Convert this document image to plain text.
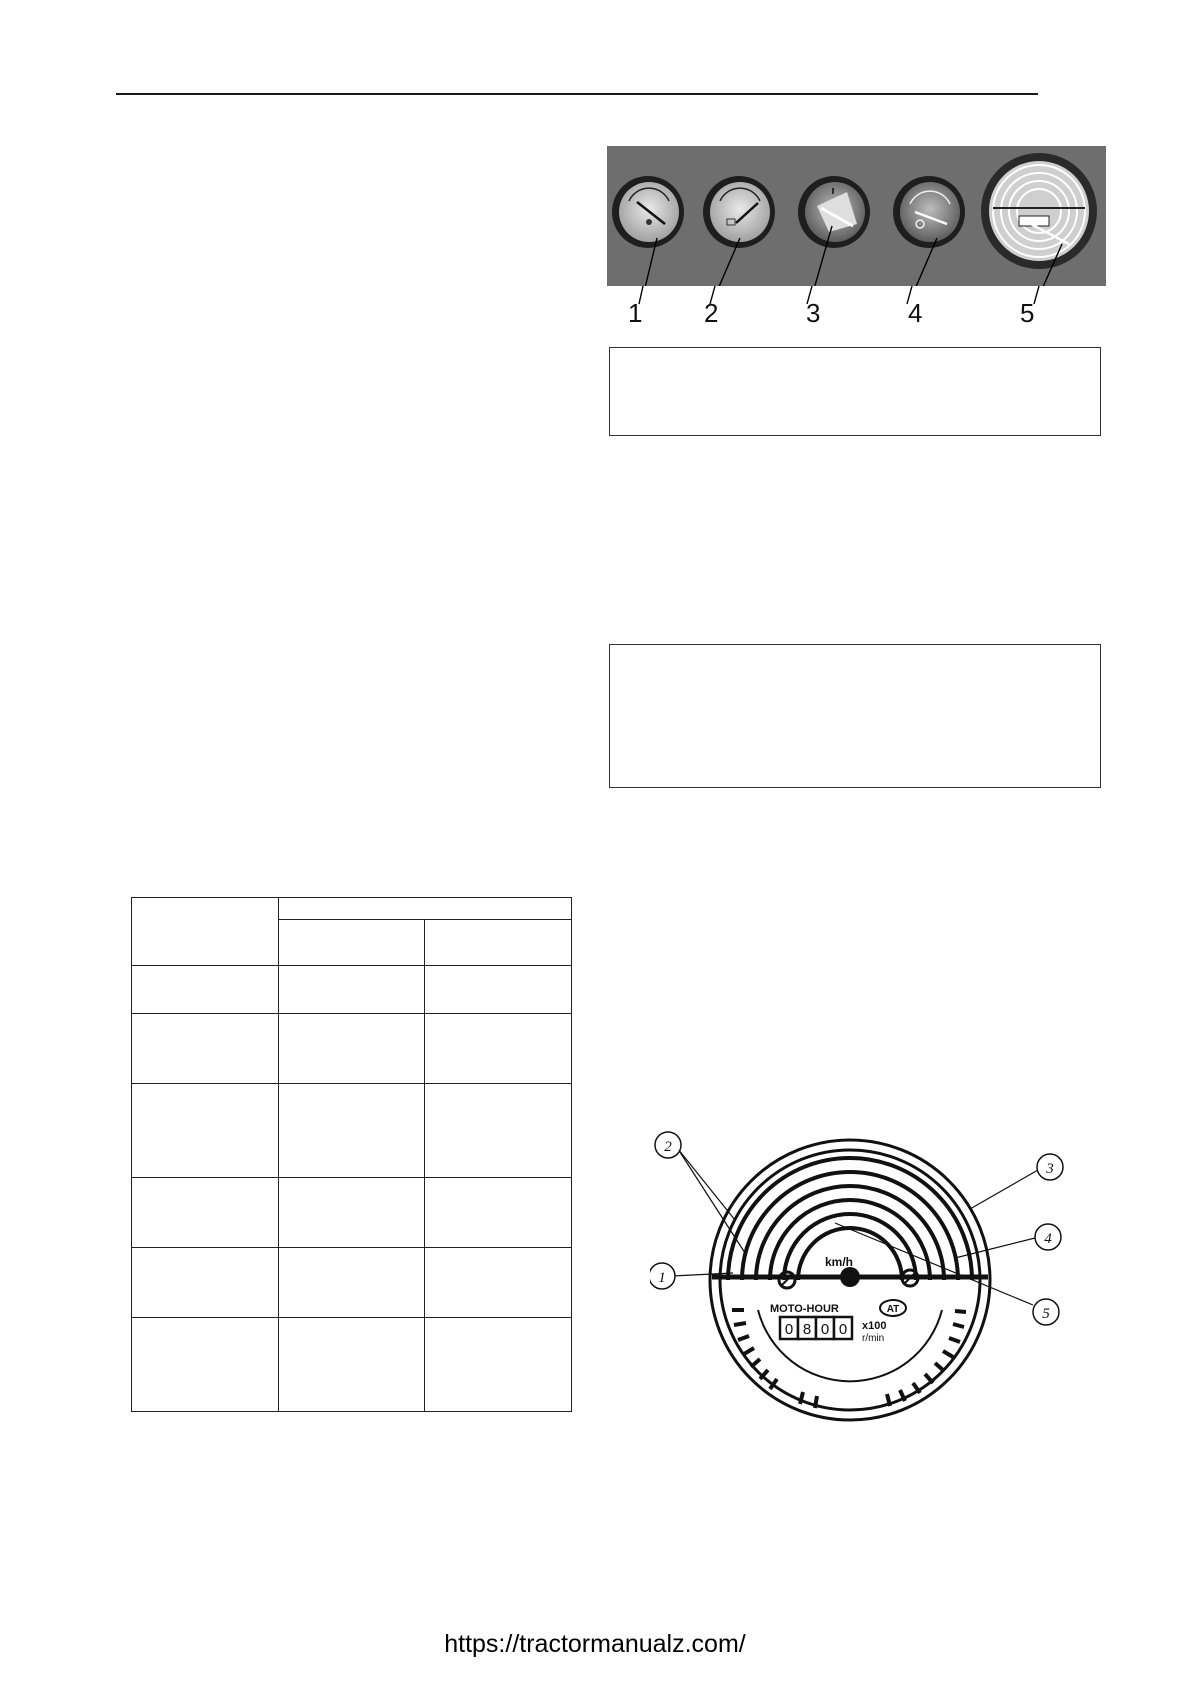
1 2	3	4	5

km/h
MOTO-HOUR	AT
0 8 0 0 x100
r/min
2
3
4
1
5
https://tractormanualz.com/
